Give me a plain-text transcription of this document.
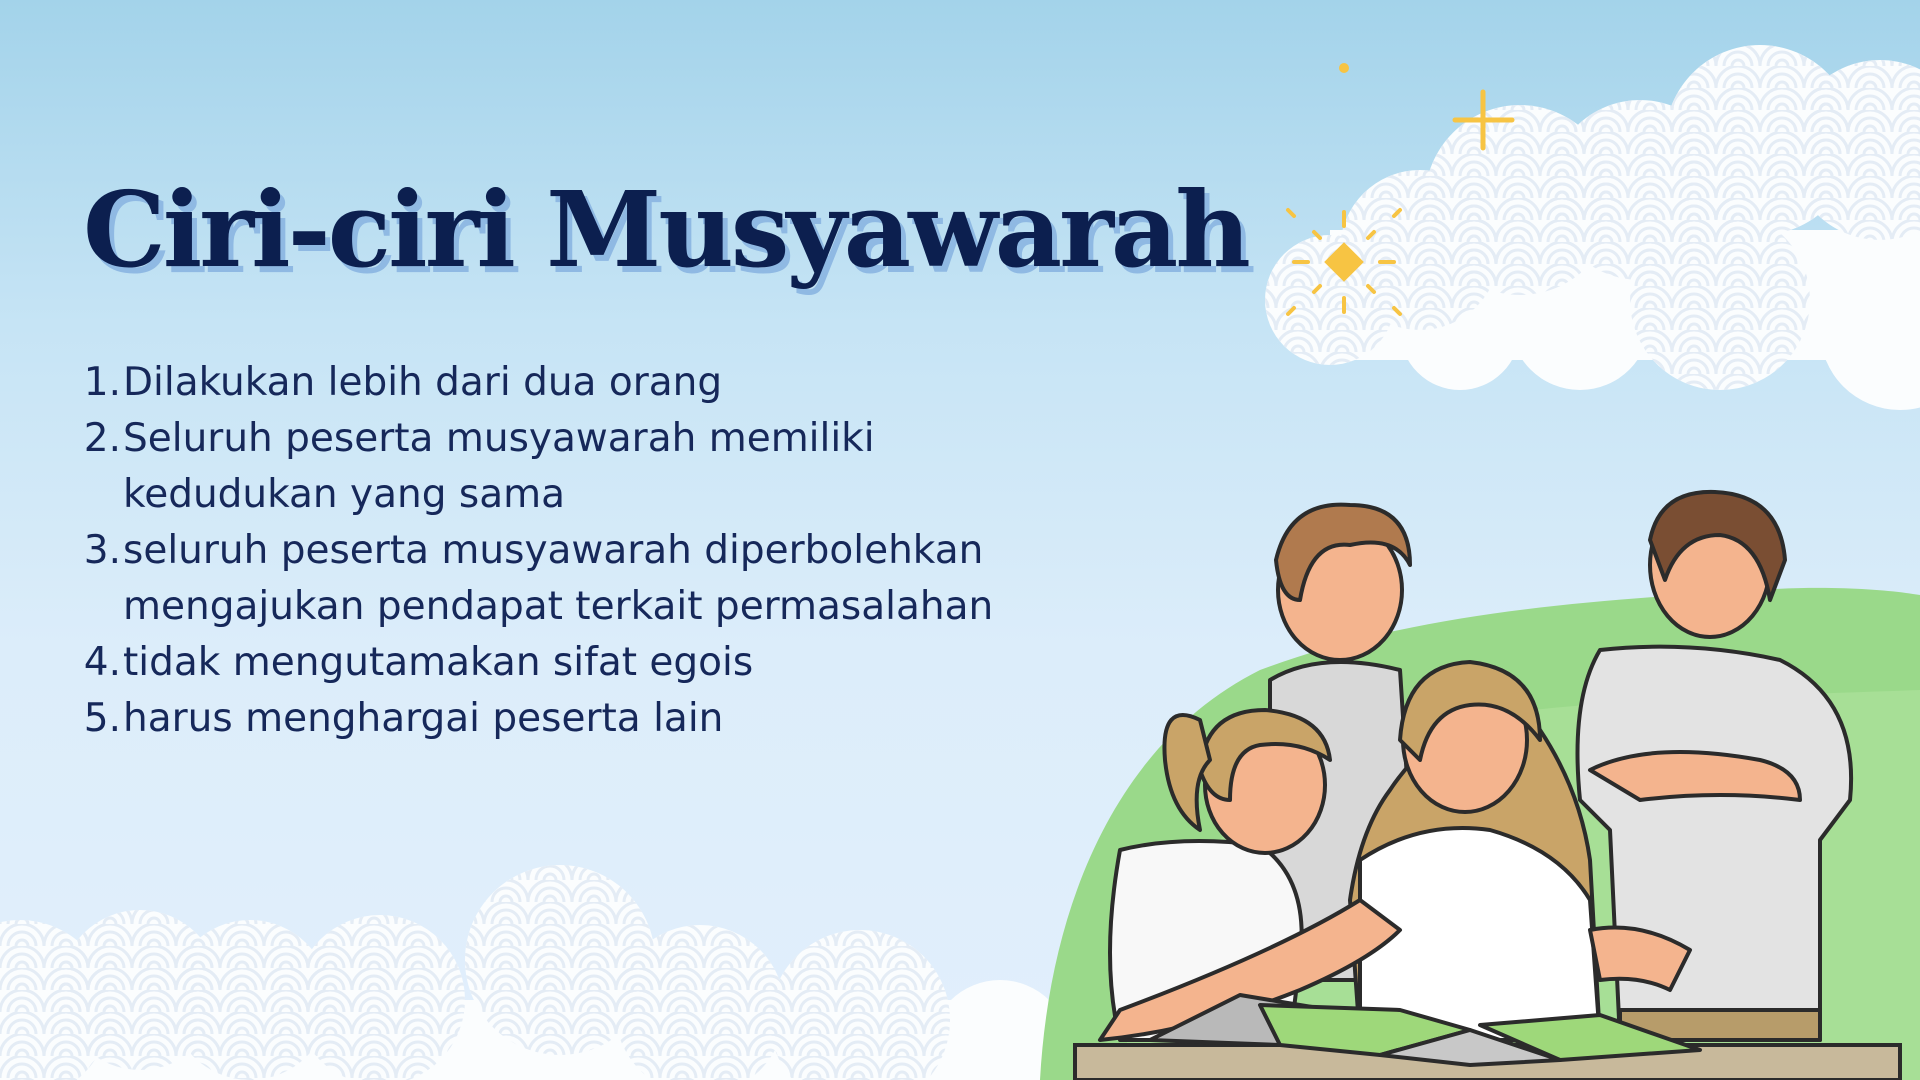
Ciri-ciri Musyawarah
1. Dilakukan lebih dari dua orang
2. Seluruh peserta musyawarah memiliki kedudukan yang sama
3. seluruh peserta musyawarah diperbolehkan mengajukan pendapat terkait permasalahan
4. tidak mengutamakan sifat egois
5. harus menghargai peserta lain
